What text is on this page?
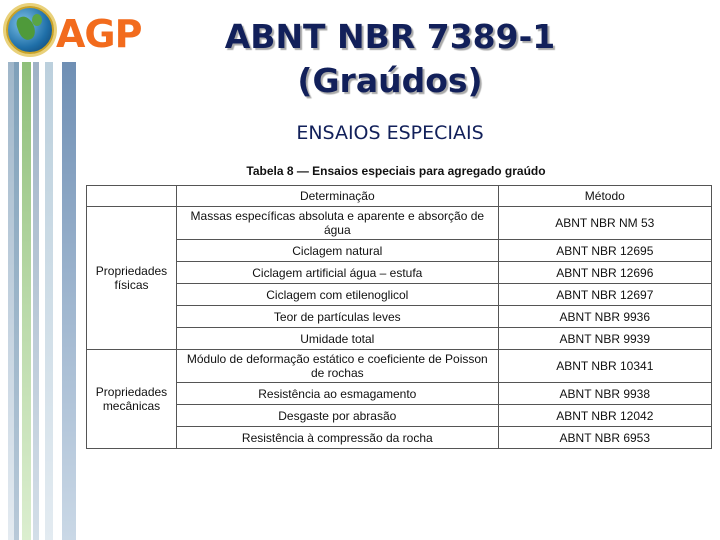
AGP	ABNT NBR 7389-1
(Graúdos)
ENSAIOS ESPECIAIS
Tabela 8 — Ensaios especiais para agregado graúdo
	Determinação	Método
Propriedades físicas	Massas específicas absoluta e aparente e absorção de água	ABNT NBR NM 53
	Ciclagem natural	ABNT NBR 12695
	Ciclagem artificial água – estufa	ABNT NBR 12696
	Ciclagem com etilenoglicol	ABNT NBR 12697
	Teor de partículas leves	ABNT NBR 9936
	Umidade total	ABNT NBR 9939
Propriedades mecânicas	Módulo de deformação estático e coeficiente de Poisson de rochas	ABNT NBR 10341
	Resistência ao esmagamento	ABNT NBR 9938
	Desgaste por abrasão	ABNT NBR 12042
	Resistência à compressão da rocha	ABNT NBR 6953
